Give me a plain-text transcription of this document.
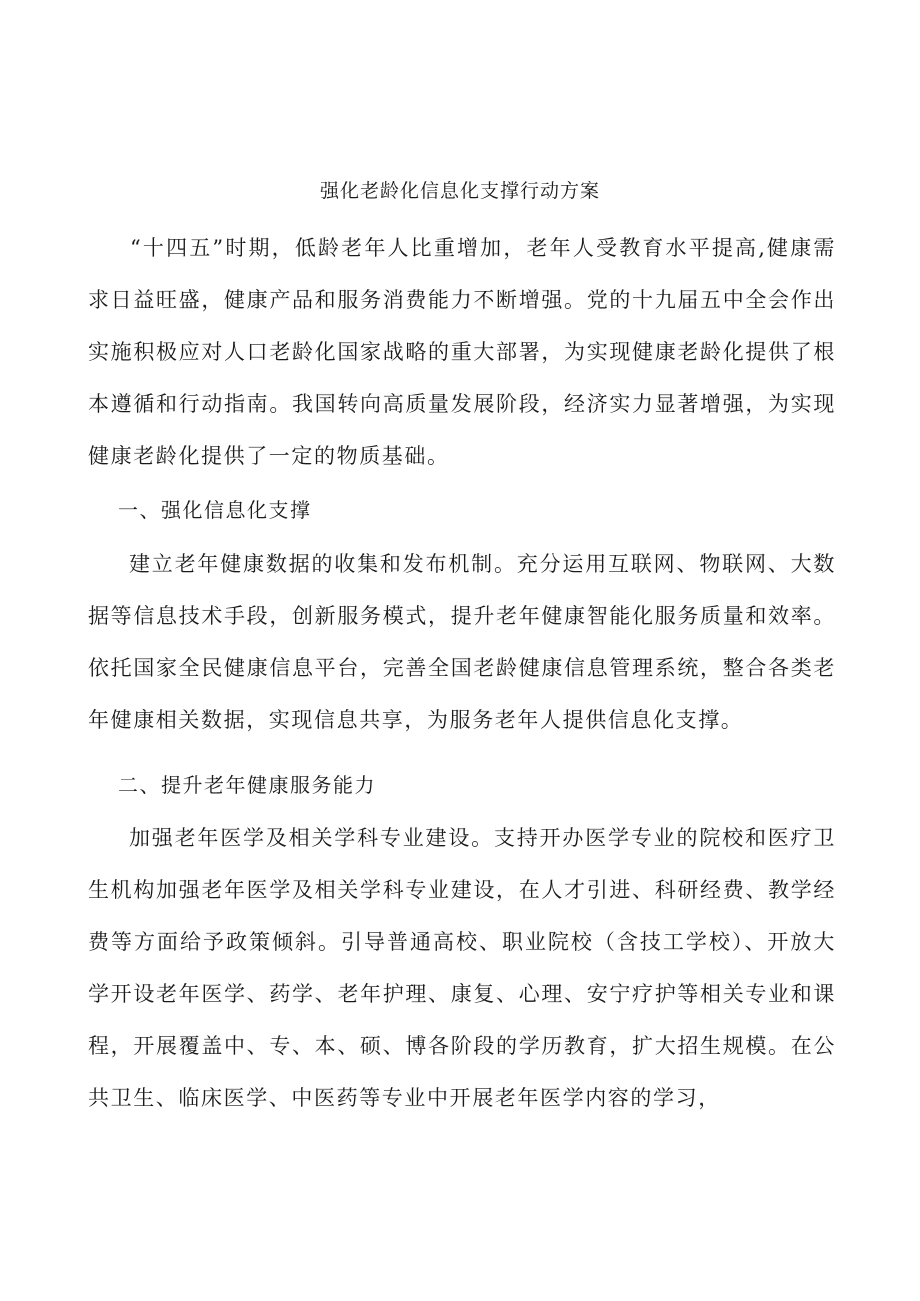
强化老龄化信息化支撑行动方案

“十四五”时期，低龄老年人比重增加，老年人受教育水平提高,健康需求日益旺盛，健康产品和服务消费能力不断增强。党的十九届五中全会作出实施积极应对人口老龄化国家战略的重大部署，为实现健康老龄化提供了根本遵循和行动指南。我国转向高质量发展阶段，经济实力显著增强，为实现健康老龄化提供了一定的物质基础。

一、强化信息化支撑

建立老年健康数据的收集和发布机制。充分运用互联网、物联网、大数据等信息技术手段，创新服务模式，提升老年健康智能化服务质量和效率。依托国家全民健康信息平台，完善全国老龄健康信息管理系统，整合各类老年健康相关数据，实现信息共享，为服务老年人提供信息化支撑。

二、提升老年健康服务能力

加强老年医学及相关学科专业建设。支持开办医学专业的院校和医疗卫生机构加强老年医学及相关学科专业建设，在人才引进、科研经费、教学经费等方面给予政策倾斜。引导普通高校、职业院校（含技工学校）、开放大学开设老年医学、药学、老年护理、康复、心理、安宁疗护等相关专业和课程，开展覆盖中、专、本、硕、博各阶段的学历教育，扩大招生规模。在公共卫生、临床医学、中医药等专业中开展老年医学内容的学习，
